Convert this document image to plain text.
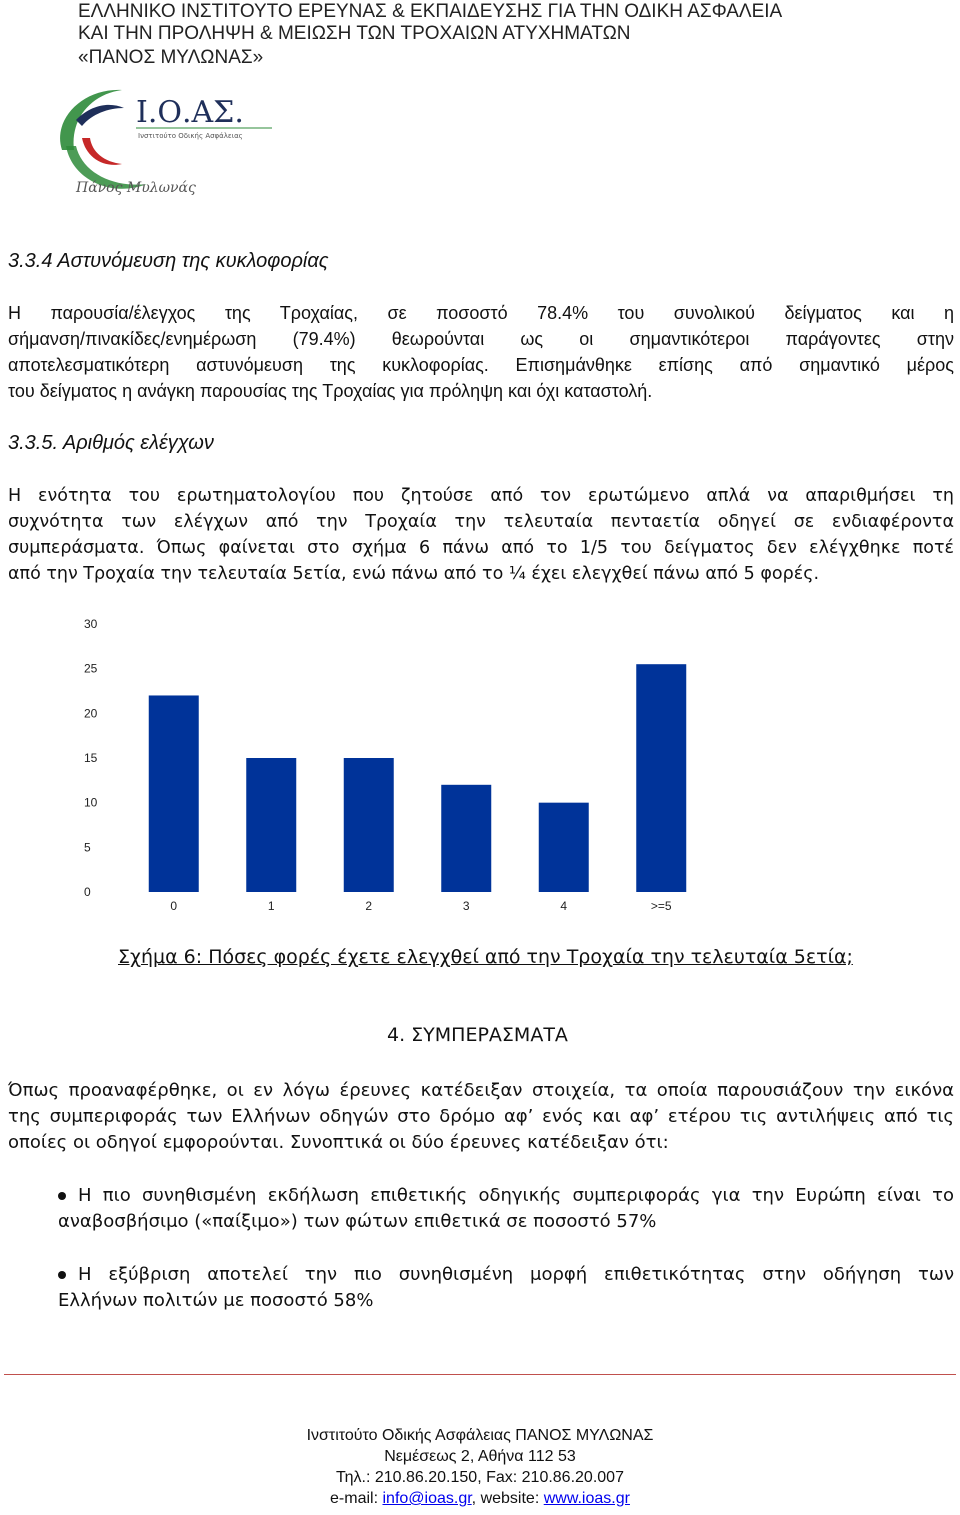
ΕΛΛΗΝΙΚΟ ΙΝΣΤΙΤΟΥΤΟ ΕΡΕΥΝΑΣ & ΕΚΠΑΙΔΕΥΣΗΣ ΓΙΑ ΤΗΝ ΟΔΙΚΗ ΑΣΦΑΛΕΙΑ
ΚΑΙ ΤΗΝ ΠΡΟΛΗΨΗ & ΜΕΙΩΣΗ ΤΩΝ ΤΡΟΧΑΙΩΝ ΑΤΥΧΗΜΑΤΩΝ
«ΠΑΝΟΣ ΜΥΛΩΝΑΣ»
Ι.Ο.ΑΣ.
Ινστιτούτο Οδικής Ασφάλειας
Πάνος Μυλωνάς
3.3.4 Αστυνόμευση της κυκλοφορίας
Η παρουσία/έλεγχος της Τροχαίας, σε ποσοστό 78.4% του συνολικού δείγματος και η
σήμανση/πινακίδες/ενημέρωση (79.4%) θεωρούνται ως οι σημαντικότεροι παράγοντες στην
αποτελεσματικότερη αστυνόμευση της κυκλοφορίας. Επισημάνθηκε επίσης από σημαντικό μέρος
του δείγματος η ανάγκη παρουσίας της Τροχαίας για πρόληψη και όχι καταστολή.
3.3.5. Αριθμός ελέγχων
Η ενότητα του ερωτηματολογίου που ζητούσε από τον ερωτώμενο απλά να απαριθμήσει τη
συχνότητα των ελέγχων από την Τροχαία την τελευταία πενταετία οδηγεί σε ενδιαφέροντα
συμπεράσματα. Όπως φαίνεται στο σχήμα 6 πάνω από το 1/5 του δείγματος δεν ελέγχθηκε ποτέ
από την Τροχαία την τελευταία 5ετία, ενώ πάνω από το ¼ έχει ελεγχθεί πάνω από 5 φορές.
0
5
10
15
20
25
30
0	1	2	3	4	>=5
Σχήμα 6: Πόσες φορές έχετε ελεγχθεί από την Τροχαία την τελευταία 5ετία;
4. ΣΥΜΠΕΡΑΣΜΑΤΑ
Όπως προαναφέρθηκε, οι εν λόγω έρευνες κατέδειξαν στοιχεία, τα οποία παρουσιάζουν την εικόνα
της συμπεριφοράς των Ελλήνων οδηγών στο δρόμο αφ’ ενός και αφ’ ετέρου τις αντιλήψεις από τις
οποίες οι οδηγοί εμφορούνται. Συνοπτικά οι δύο έρευνες κατέδειξαν ότι:
Η πιο συνηθισμένη εκδήλωση επιθετικής οδηγικής συμπεριφοράς για την Ευρώπη είναι το
αναβοσβήσιμο («παίξιμο») των φώτων επιθετικά σε ποσοστό 57%
Η εξύβριση αποτελεί την πιο συνηθισμένη μορφή επιθετικότητας στην οδήγηση των
Ελλήνων πολιτών με ποσοστό 58%
Ινστιτούτο Οδικής Ασφάλειας ΠΑΝΟΣ ΜΥΛΩΝΑΣ
Νεμέσεως 2, Αθήνα 112 53
Τηλ.: 210.86.20.150, Fax: 210.86.20.007
e-mail: info@ioas.gr, website: www.ioas.gr
